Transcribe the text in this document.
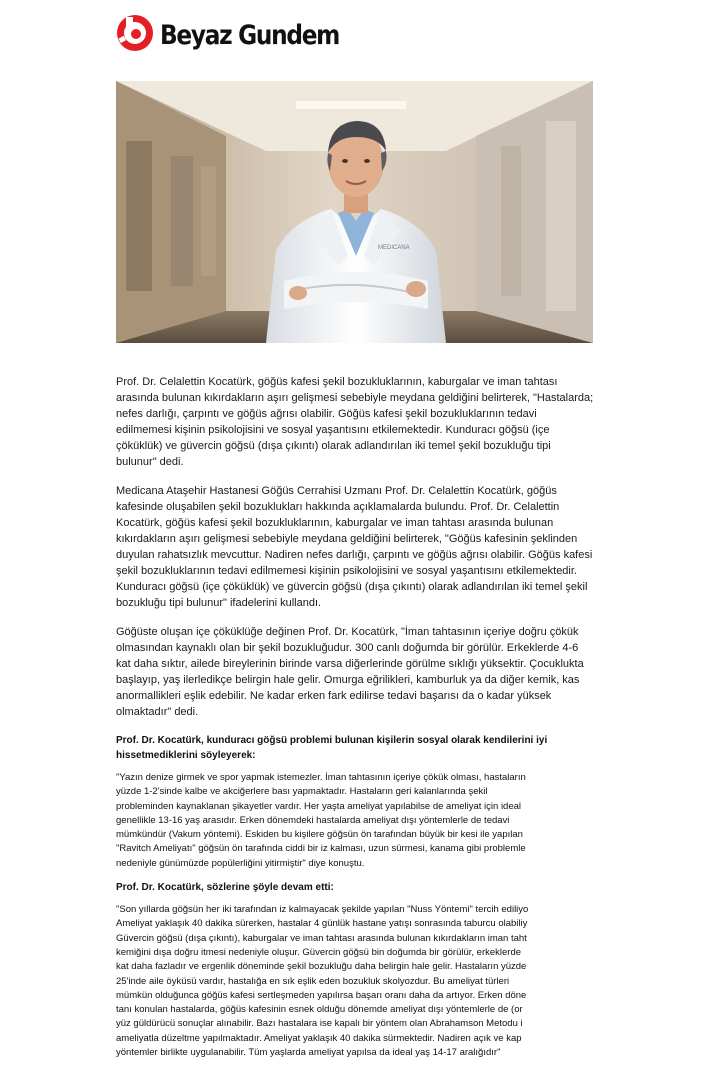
Beyaz Gundem
MEDICANA

Prof. Dr. Celalettin Kocatürk, göğüs kafesi şekil bozukluklarının, kaburgalar ve iman tahtası arasında bulunan kıkırdakların aşırı gelişmesi sebebiyle meydana geldiğini belirterek, "Hastalarda; nefes darlığı, çarpıntı ve göğüs ağrısı olabilir. Göğüs kafesi şekil bozukluklarının tedavi edilmemesi kişinin psikolojisini ve sosyal yaşantısını etkilemektedir. Kunduracı göğsü (içe çöküklük) ve güvercin göğsü (dışa çıkıntı) olarak adlandırılan iki temel şekil bozukluğu tipi bulunur" dedi.

Medicana Ataşehir Hastanesi Göğüs Cerrahisi Uzmanı Prof. Dr. Celalettin Kocatürk, göğüs kafesinde oluşabilen şekil bozuklukları hakkında açıklamalarda bulundu. Prof. Dr. Celalettin Kocatürk, göğüs kafesi şekil bozukluklarının, kaburgalar ve iman tahtası arasında bulunan kıkırdakların aşırı gelişmesi sebebiyle meydana geldiğini belirterek, "Göğüs kafesinin şeklinden duyulan rahatsızlık mevcuttur. Nadiren nefes darlığı, çarpıntı ve göğüs ağrısı olabilir. Göğüs kafesi şekil bozukluklarının tedavi edilmemesi kişinin psikolojisini ve sosyal yaşantısını etkilemektedir. Kunduracı göğsü (içe çöküklük) ve güvercin göğsü (dışa çıkıntı) olarak adlandırılan iki temel şekil bozukluğu tipi bulunur" ifadelerini kullandı.

Göğüste oluşan içe çöküklüğe değinen Prof. Dr. Kocatürk, "İman tahtasının içeriye doğru çökük olmasından kaynaklı olan bir şekil bozukluğudur. 300 canlı doğumda bir görülür. Erkeklerde 4-6 kat daha sıktır, ailede bireylerinin birinde varsa diğerlerinde görülme sıklığı yüksektir. Çocuklukta başlayıp, yaş ilerledikçe belirgin hale gelir. Omurga eğrilikleri, kamburluk ya da diğer kemik, kas anormallikleri eşlik edebilir. Ne kadar erken fark edilirse tedavi başarısı da o kadar yüksek olmaktadır" dedi.

Prof. Dr. Kocatürk, kunduracı göğsü problemi bulunan kişilerin sosyal olarak kendilerini iyi hissetmediklerini söyleyerek:
"Yazın denize girmek ve spor yapmak istemezler. İman tahtasının içeriye çökük olması, hastaların
yüzde 1-2'sinde kalbe ve akciğerlere bası yapmaktadır. Hastaların geri kalanlarında şekil
probleminden kaynaklanan şikayetler vardır. Her yaşta ameliyat yapılabilse de ameliyat için ideal
genellikle 13-16 yaş arasıdır. Erken dönemdeki hastalarda ameliyat dışı yöntemlerle de tedavi
mümkündür (Vakum yöntemi). Eskiden bu kişilere göğsün ön tarafından büyük bir kesi ile yapılan
"Ravitch Ameliyatı" göğsün ön tarafında ciddi bir iz kalması, uzun sürmesi, kanama gibi problemle
nedeniyle günümüzde popülerliğini yitirmiştir" diye konuştu.
Prof. Dr. Kocatürk, sözlerine şöyle devam etti:
"Son yıllarda göğsün her iki tarafından iz kalmayacak şekilde yapılan "Nuss Yöntemi" tercih ediliyo
Ameliyat yaklaşık 40 dakika sürerken, hastalar 4 günlük hastane yatışı sonrasında taburcu olabiliy
Güvercin göğsü (dışa çıkıntı), kaburgalar ve iman tahtası arasında bulunan kıkırdakların iman taht
kemiğini dışa doğru itmesi nedeniyle oluşur. Güvercin göğsü bin doğumda bir görülür, erkeklerde
kat daha fazladır ve ergenlik döneminde şekil bozukluğu daha belirgin hale gelir. Hastaların yüzde
25'inde aile öyküsü vardır, hastalığa en sık eşlik eden bozukluk skolyozdur. Bu ameliyat türleri
mümkün olduğunca göğüs kafesi sertleşmeden yapılırsa başarı oranı daha da artıyor. Erken döne
tanı konulan hastalarda, göğüs kafesinin esnek olduğu dönemde ameliyat dışı yöntemlerle de (or
yüz güldürücü sonuçlar alınabilir. Bazı hastalara ise kapalı bir yöntem olan Abrahamson Metodu i
ameliyatla düzeltme yapılmaktadır. Ameliyat yaklaşık 40 dakika sürmektedir. Nadiren açık ve kap
yöntemler birlikte uygulanabilir. Tüm yaşlarda ameliyat yapılsa da ideal yaş 14-17 aralığıdır"
